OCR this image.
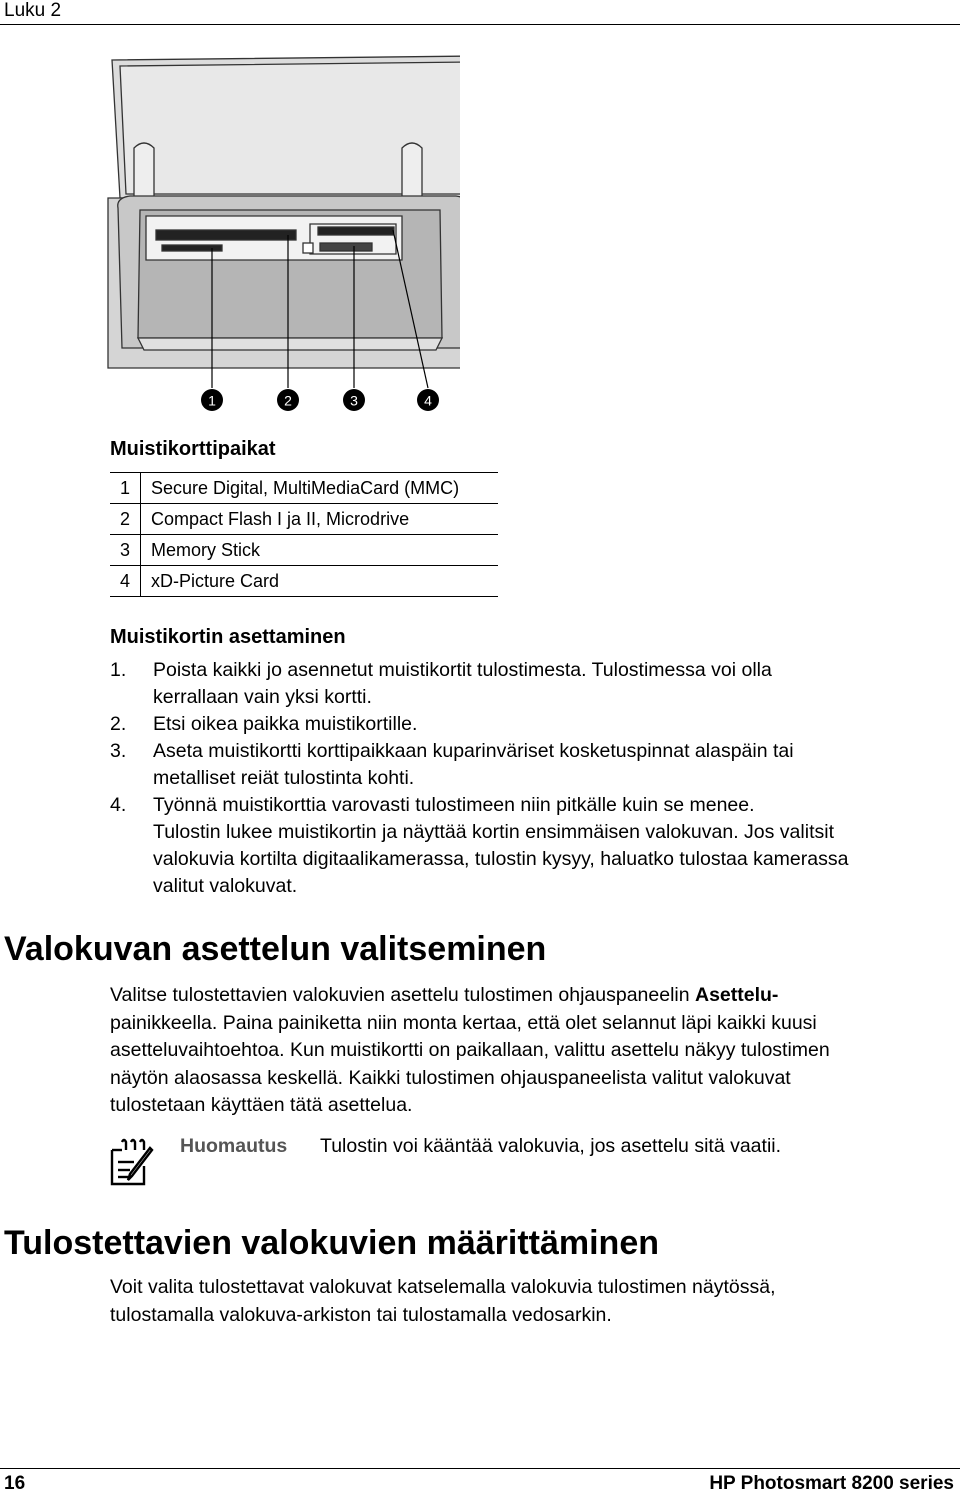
Luku 2
1	2	3	4
Muistikorttipaikat
1	Secure Digital, MultiMediaCard (MMC)
2	Compact Flash I ja II, Microdrive
3	Memory Stick
4	xD-Picture Card
Muistikortin asettaminen
1. Poista kaikki jo asennetut muistikortit tulostimesta. Tulostimessa voi olla
kerrallaan vain yksi kortti.
2. Etsi oikea paikka muistikortille.
3. Aseta muistikortti korttipaikkaan kuparinväriset kosketuspinnat alaspäin tai
metalliset reiät tulostinta kohti.
4. Työnnä muistikorttia varovasti tulostimeen niin pitkälle kuin se menee.
Tulostin lukee muistikortin ja näyttää kortin ensimmäisen valokuvan. Jos valitsit
valokuvia kortilta digitaalikamerassa, tulostin kysyy, haluatko tulostaa kamerassa
valitut valokuvat.
Valokuvan asettelun valitseminen
Valitse tulostettavien valokuvien asettelu tulostimen ohjauspaneelin Asettelu-
painikkeella. Paina painiketta niin monta kertaa, että olet selannut läpi kaikki kuusi
asetteluvaihtoehtoa. Kun muistikortti on paikallaan, valittu asettelu näkyy tulostimen
näytön alaosassa keskellä. Kaikki tulostimen ohjauspaneelista valitut valokuvat
tulostetaan käyttäen tätä asettelua.
Huomautus Tulostin voi kääntää valokuvia, jos asettelu sitä vaatii.
Tulostettavien valokuvien määrittäminen
Voit valita tulostettavat valokuvat katselemalla valokuvia tulostimen näytössä,
tulostamalla valokuva-arkiston tai tulostamalla vedosarkin.
16	HP Photosmart 8200 series
